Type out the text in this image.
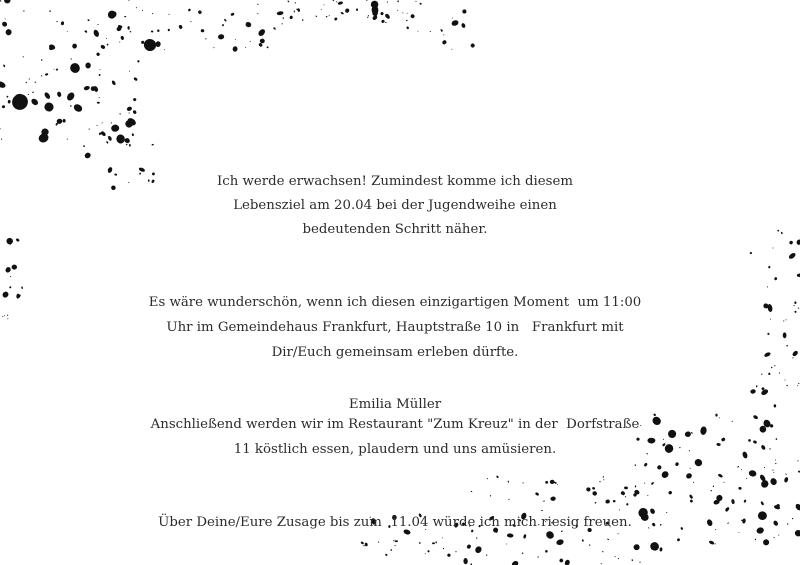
Ich werde erwachsen! Zumindest komme ich diesem
Lebensziel am 20.04 bei der Jugendweihe einen
bedeutenden Schritt näher.
Es wäre wunderschön, wenn ich diesen einzigartigen Moment  um 11:00
Uhr im Gemeindehaus Frankfurt, Hauptstraße 10 in   Frankfurt mit
Dir/Euch gemeinsam erleben dürfte.
Emilia Müller
Anschließend werden wir im Restaurant "Zum Kreuz" in der  Dorfstraße
11 köstlich essen, plaudern und uns amüsieren.
Über Deine/Eure Zusage bis zum  11.04 würde ich mich riesig freuen.
